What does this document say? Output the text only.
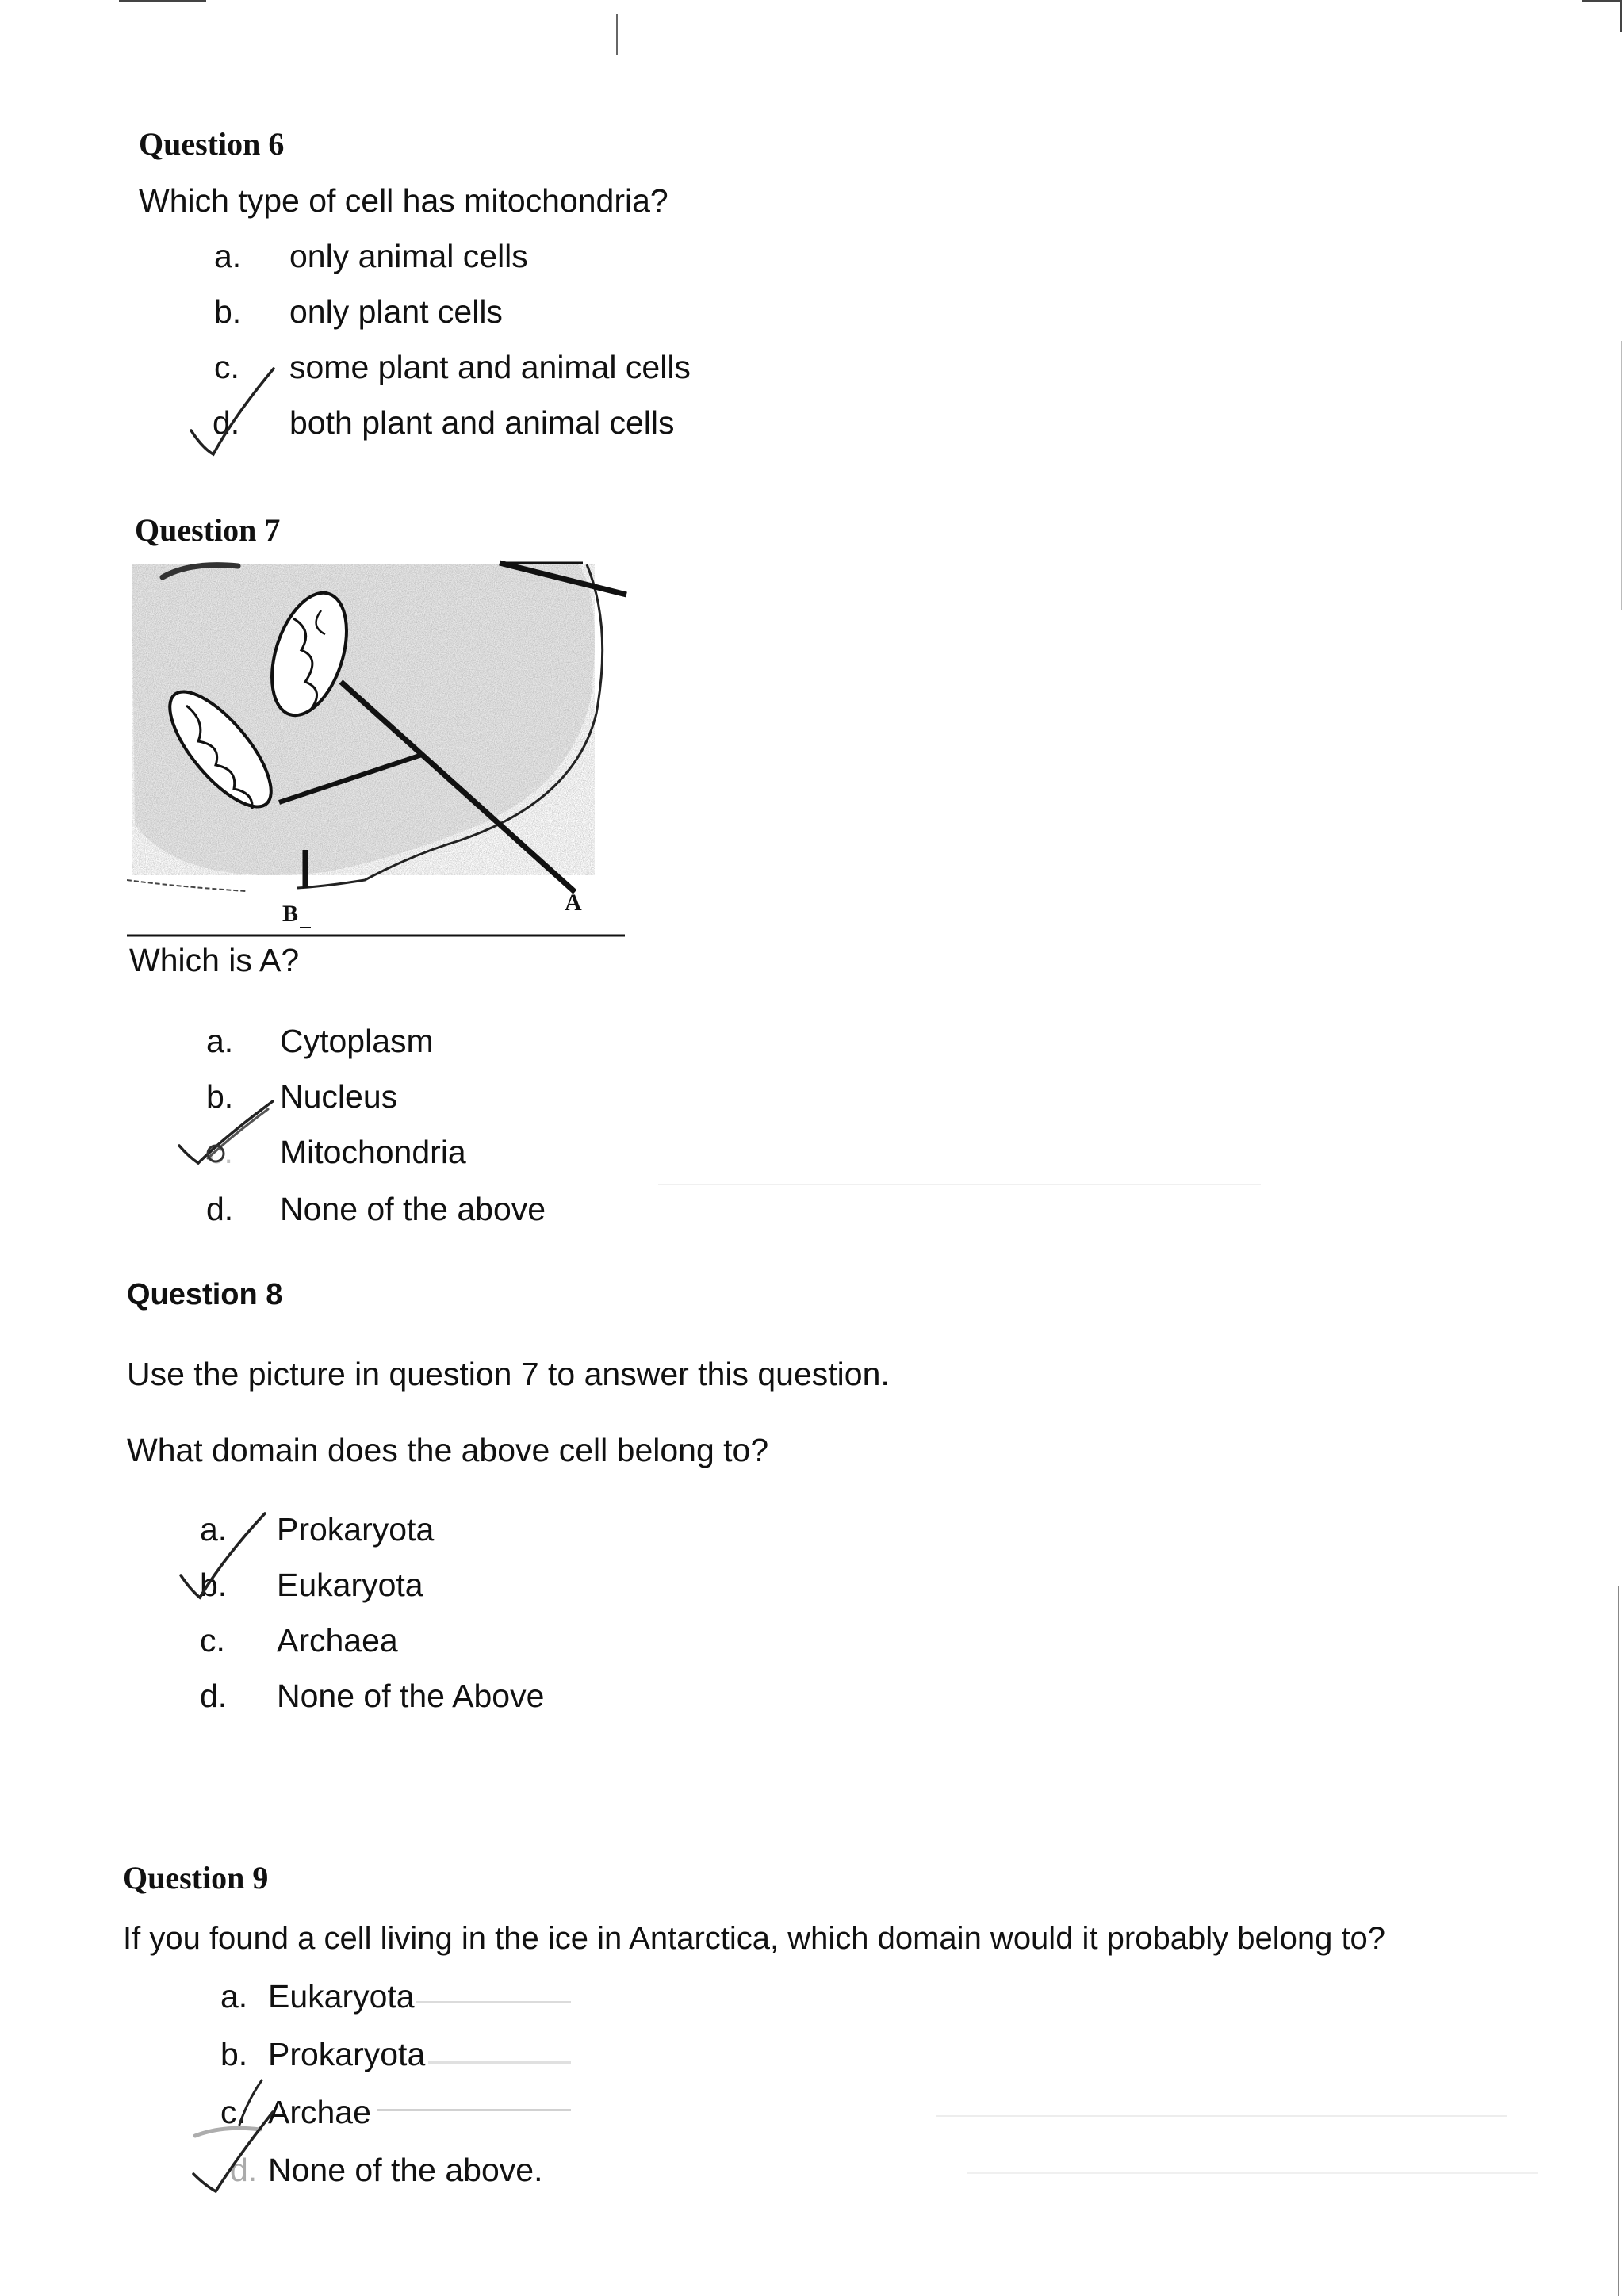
Question 6
Which type of cell has mitochondria?
a. only animal cells
b. only plant cells
c. some plant and animal cells
d. both plant and animal cells
Question 7
B	A
Which is A?
a. Cytoplasm
b. Nucleus
c. Mitochondria
d. None of the above
Question 8
Use the picture in question 7 to answer this question.
What domain does the above cell belong to?
a. Prokaryota
b. Eukaryota
c. Archaea
d. None of the Above
Question 9
If you found a cell living in the ice in Antarctica, which domain would it probably belong to?
a. Eukaryota
b. Prokaryota
c. Archae
d. None of the above.
